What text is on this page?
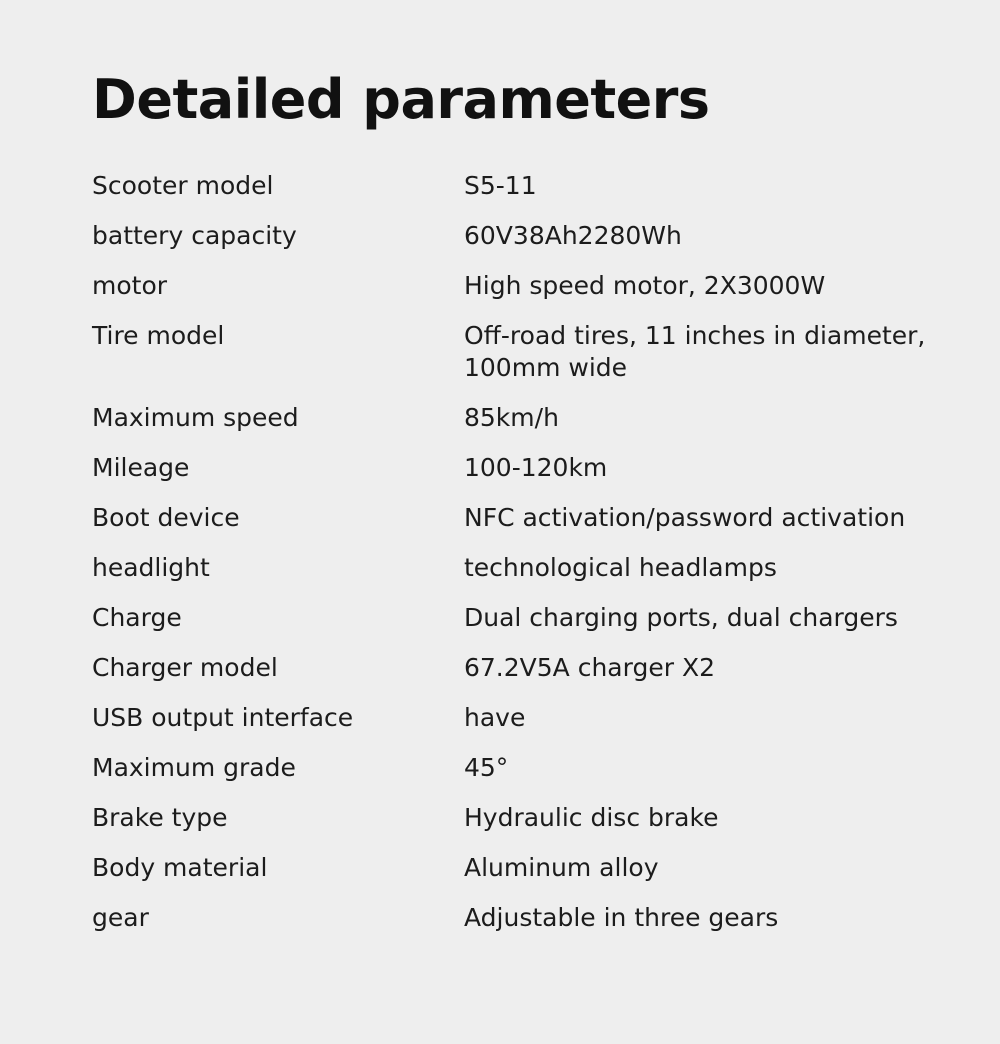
Detailed parameters
Scooter model	S5-11
battery capacity	60V38Ah2280Wh
motor	High speed motor, 2X3000W
Tire model	Off-road tires, 11 inches in diameter, 100mm wide
Maximum speed	85km/h
Mileage	100-120km
Boot device	NFC activation/password activation
headlight	technological headlamps
Charge	Dual charging ports, dual chargers
Charger model	67.2V5A charger X2
USB output interface	have
Maximum grade	45°
Brake type	Hydraulic disc brake
Body material	Aluminum alloy
gear	Adjustable in three gears
